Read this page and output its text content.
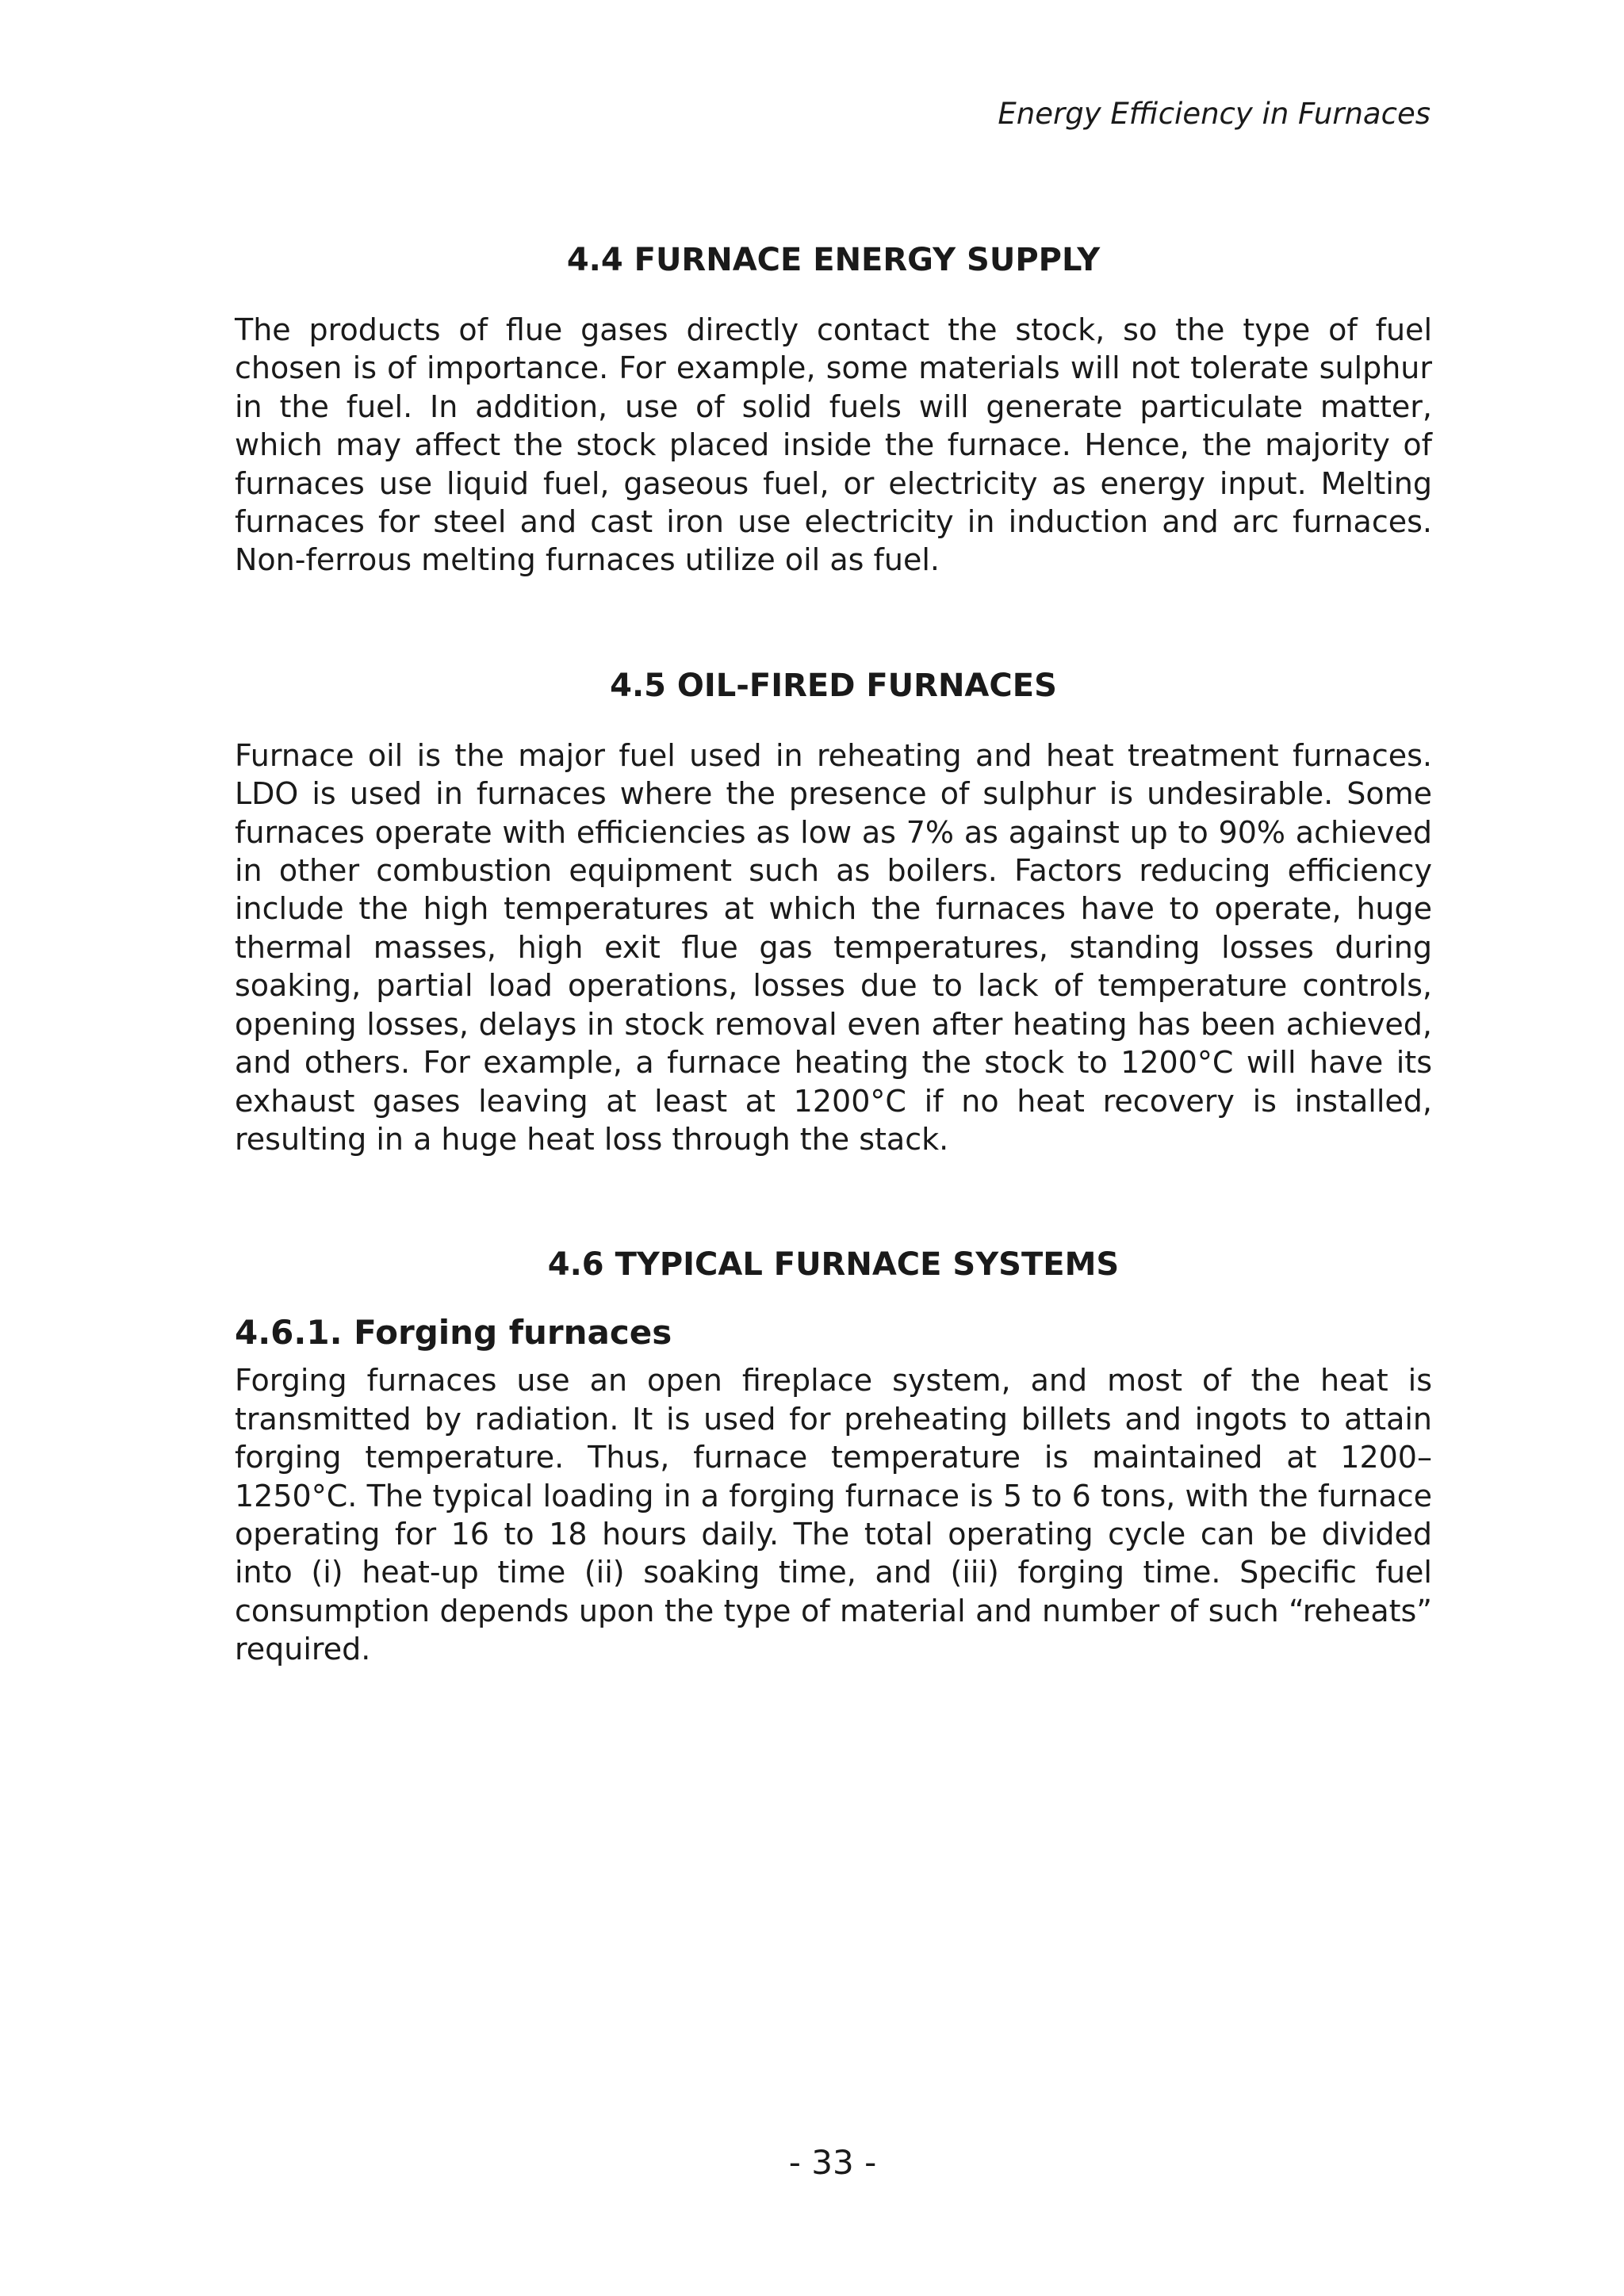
Energy Efficiency in Furnaces
4.4 FURNACE ENERGY SUPPLY

The products of flue gases directly contact the stock, so the type of fuel chosen is of importance. For example, some materials will not tolerate sulphur in the fuel. In addition, use of solid fuels will generate particulate matter, which may affect the stock placed inside the furnace. Hence, the majority of furnaces use liquid fuel, gaseous fuel, or electricity as energy input. Melting furnaces for steel and cast iron use electricity in induction and arc furnaces. Non-ferrous melting furnaces utilize oil as fuel.

4.5 OIL-FIRED FURNACES

Furnace oil is the major fuel used in reheating and heat treatment furnaces. LDO is used in furnaces where the presence of sulphur is undesirable. Some furnaces operate with efficiencies as low as 7% as against up to 90% achieved in other combustion equipment such as boilers. Factors reducing efficiency include the high temperatures at which the furnaces have to operate, huge thermal masses, high exit flue gas temperatures, standing losses during soaking, partial load operations, losses due to lack of temperature controls, opening losses, delays in stock removal even after heating has been achieved, and others. For example, a furnace heating the stock to 1200°C will have its exhaust gases leaving at least at 1200°C if no heat recovery is installed, resulting in a huge heat loss through the stack.

4.6 TYPICAL FURNACE SYSTEMS
4.6.1. Forging furnaces

Forging furnaces use an open fireplace system, and most of the heat is transmitted by radiation. It is used for preheating billets and ingots to attain forging temperature. Thus, furnace temperature is maintained at 1200–1250°C. The typical loading in a forging furnace is 5 to 6 tons, with the furnace operating for 16 to 18 hours daily. The total operating cycle can be divided into (i) heat-up time (ii) soaking time, and (iii) forging time. Specific fuel consumption depends upon the type of material and number of such “reheats” required.

- 33 -
